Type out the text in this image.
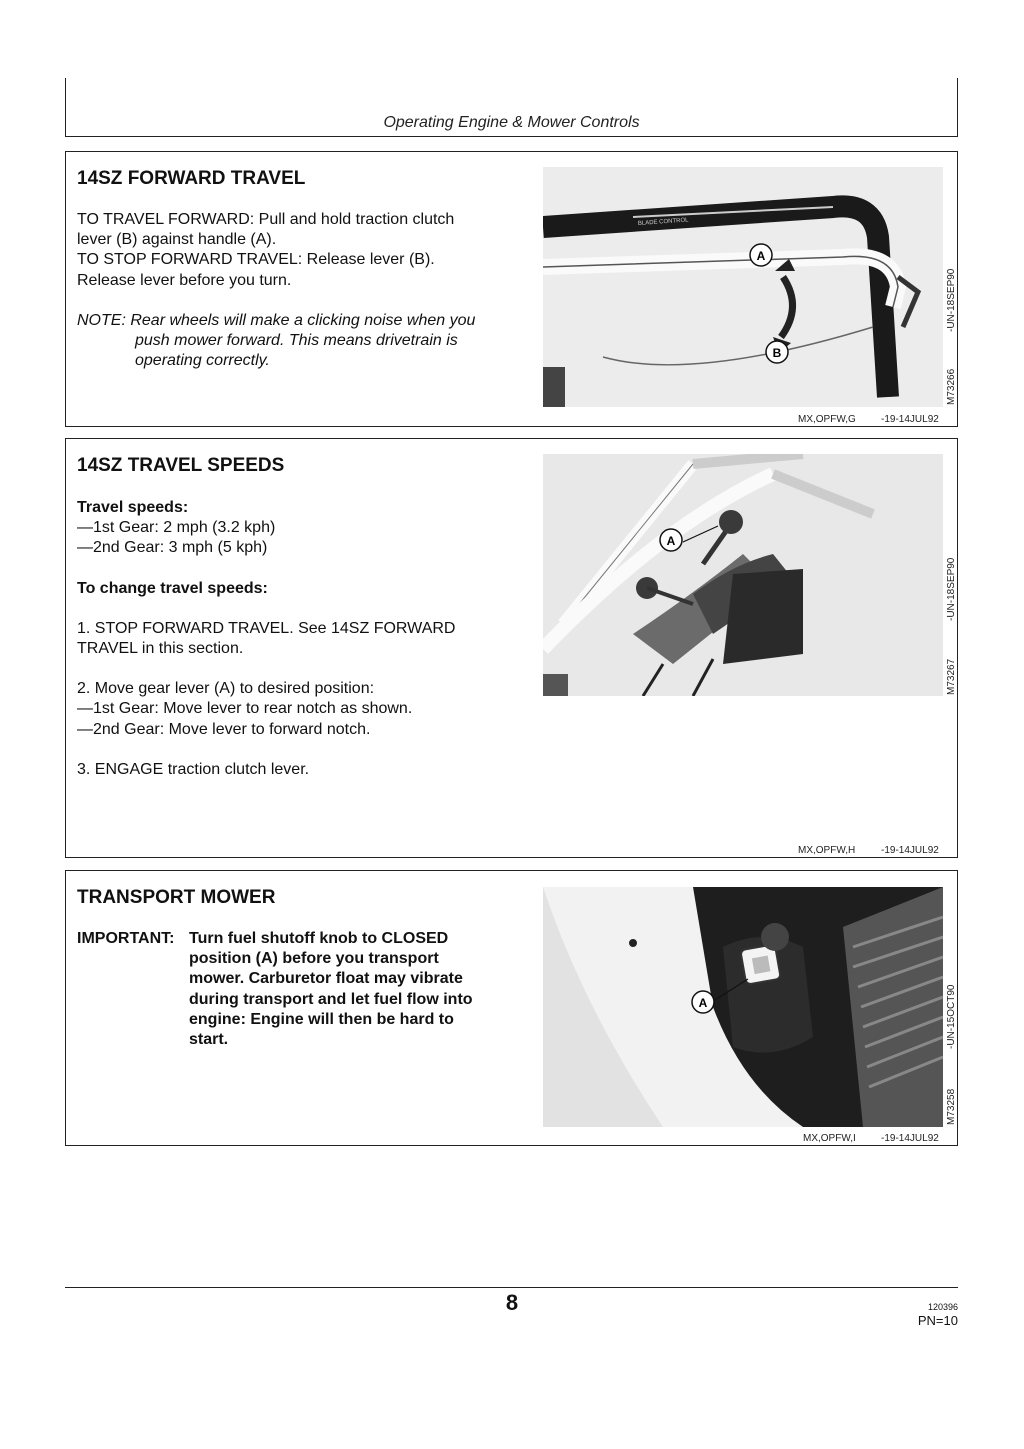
Operating Engine & Mower Controls
14SZ FORWARD TRAVEL

TO TRAVEL FORWARD: Pull and hold traction clutch

lever (B) against handle (A).

TO STOP FORWARD TRAVEL: Release lever (B).

Release lever before you turn.

NOTE: Rear wheels will make a clicking noise when you

push mower forward. This means drivetrain is

operating correctly.

BLADE CONTROL
A
B
-UN-18SEP90
M73266
MX,OPFW,G	-19-14JUL92
14SZ TRAVEL SPEEDS

Travel speeds:

—1st Gear: 2 mph (3.2 kph)

—2nd Gear: 3 mph (5 kph)

To change travel speeds:

1. STOP FORWARD TRAVEL. See 14SZ FORWARD

TRAVEL in this section.

2. Move gear lever (A) to desired position:

—1st Gear: Move lever to rear notch as shown.

—2nd Gear: Move lever to forward notch.

3. ENGAGE traction clutch lever.

A
-UN-18SEP90
M73267
MX,OPFW,H	-19-14JUL92
TRANSPORT MOWER
IMPORTANT: Turn fuel shutoff knob to CLOSED
position (A) before you transport
mower. Carburetor float may vibrate
during transport and let fuel flow into
engine: Engine will then be hard to
start.
A	-UN-15OCT90
M73258
MX,OPFW,I	-19-14JUL92
8	120396
PN=10
